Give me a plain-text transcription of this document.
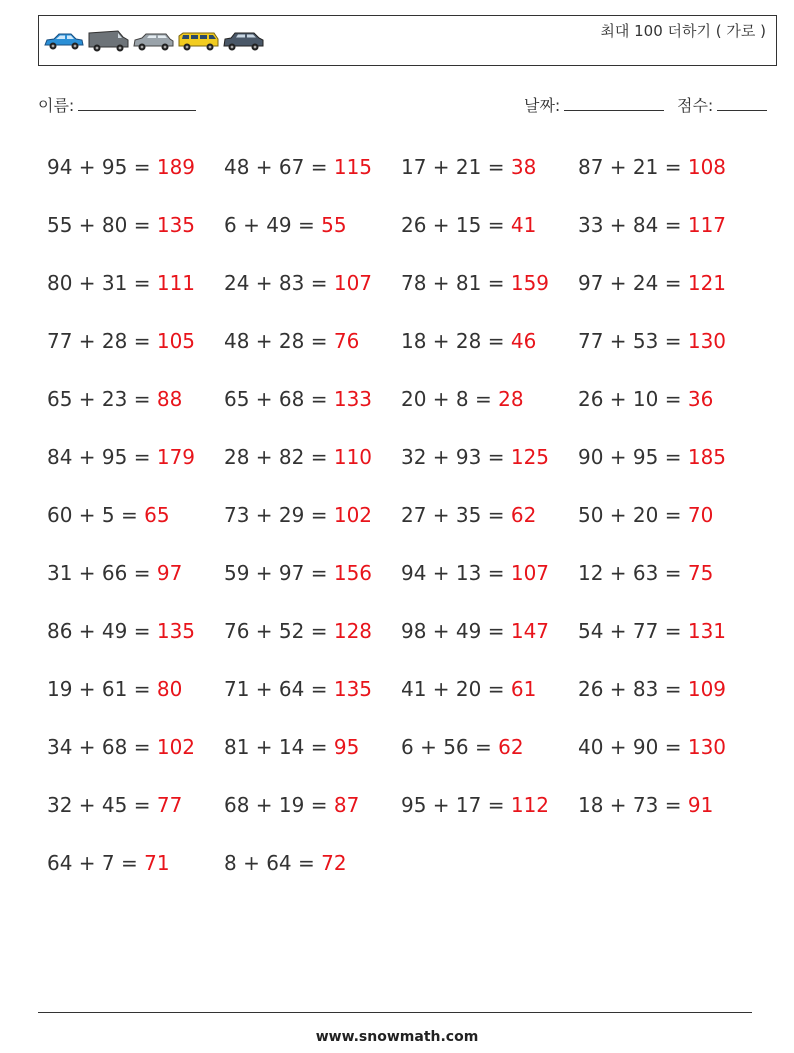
최대 100 더하기 ( 가로 )
이름:	날짜:	점수:
94 + 95 = 189	48 + 67 = 115	17 + 21 = 38	87 + 21 = 108
55 + 80 = 135	6 + 49 = 55	26 + 15 = 41	33 + 84 = 117
80 + 31 = 111	24 + 83 = 107	78 + 81 = 159	97 + 24 = 121
77 + 28 = 105	48 + 28 = 76	18 + 28 = 46	77 + 53 = 130
65 + 23 = 88	65 + 68 = 133	20 + 8 = 28	26 + 10 = 36
84 + 95 = 179	28 + 82 = 110	32 + 93 = 125	90 + 95 = 185
60 + 5 = 65	73 + 29 = 102	27 + 35 = 62	50 + 20 = 70
31 + 66 = 97	59 + 97 = 156	94 + 13 = 107	12 + 63 = 75
86 + 49 = 135	76 + 52 = 128	98 + 49 = 147	54 + 77 = 131
19 + 61 = 80	71 + 64 = 135	41 + 20 = 61	26 + 83 = 109
34 + 68 = 102	81 + 14 = 95	6 + 56 = 62	40 + 90 = 130
32 + 45 = 77	68 + 19 = 87	95 + 17 = 112	18 + 73 = 91
64 + 7 = 71	8 + 64 = 72
www.snowmath.com
